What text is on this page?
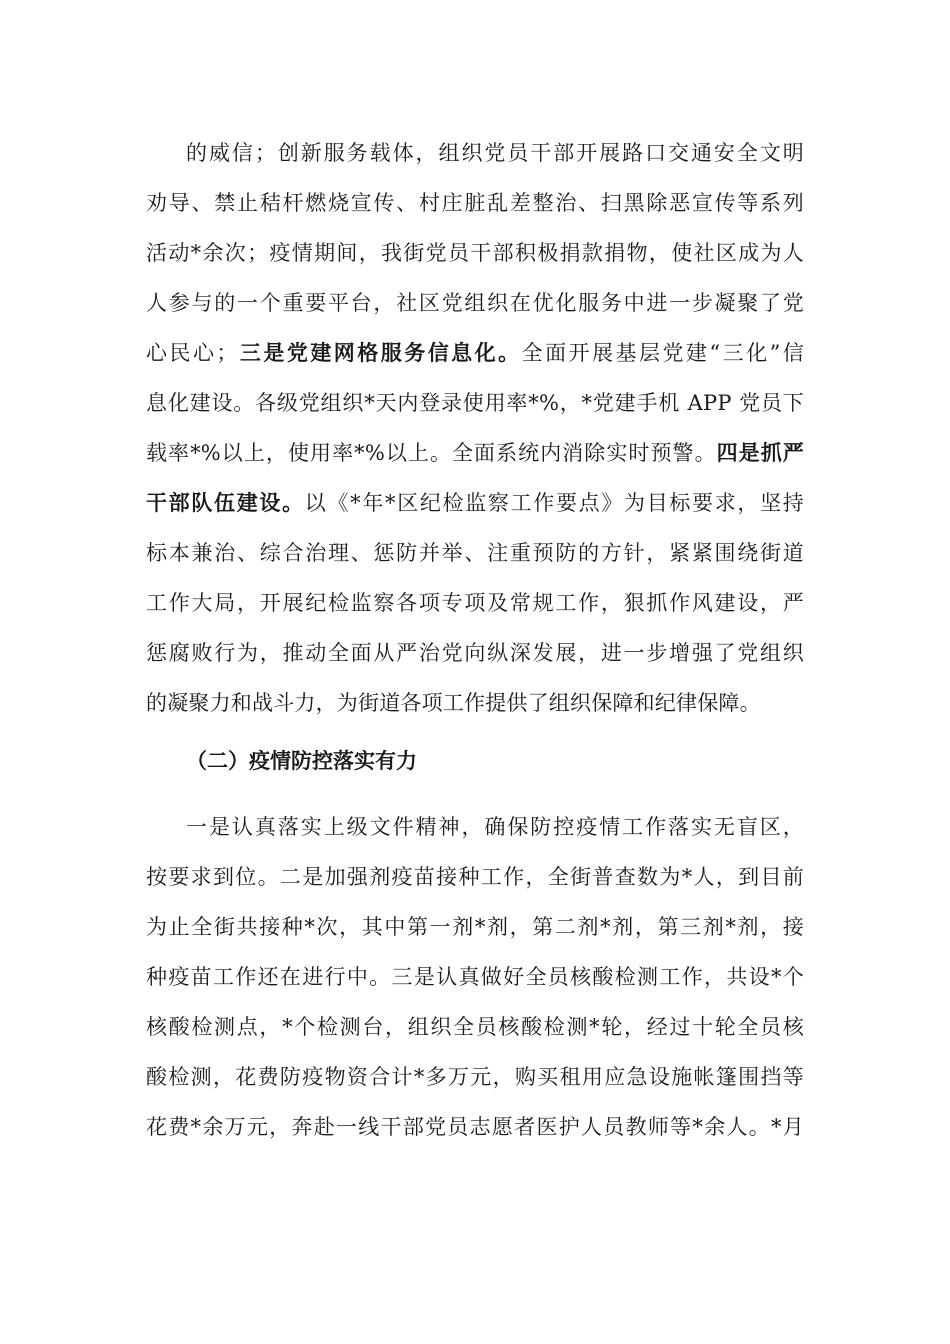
的威信；创新服务载体，组织党员干部开展路口交通安全文明
劝导、禁止秸杆燃烧宣传、村庄脏乱差整治、扫黑除恶宣传等系列
活动*余次；疫情期间，我街党员干部积极捐款捐物，使社区成为人
人参与的一个重要平台，社区党组织在优化服务中进一步凝聚了党
心民心；三是党建网格服务信息化。全面开展基层党建“三化”信
息化建设。各级党组织*天内登录使用率*%，*党建手机 APP 党员下
载率*%以上，使用率*%以上。全面系统内消除实时预警。四是抓严
干部队伍建设。以《*年*区纪检监察工作要点》为目标要求，坚持
标本兼治、综合治理、惩防并举、注重预防的方针，紧紧围绕街道
工作大局，开展纪检监察各项专项及常规工作，狠抓作风建设，严
惩腐败行为，推动全面从严治党向纵深发展，进一步增强了党组织
的凝聚力和战斗力，为街道各项工作提供了组织保障和纪律保障。
（二）疫情防控落实有力
一是认真落实上级文件精神，确保防控疫情工作落实无盲区，
按要求到位。二是加强剂疫苗接种工作，全街普查数为*人，到目前
为止全街共接种*次，其中第一剂*剂，第二剂*剂，第三剂*剂，接
种疫苗工作还在进行中。三是认真做好全员核酸检测工作，共设*个
核酸检测点，*个检测台，组织全员核酸检测*轮，经过十轮全员核
酸检测，花费防疫物资合计*多万元，购买租用应急设施帐篷围挡等
花费*余万元，奔赴一线干部党员志愿者医护人员教师等*余人。*月
